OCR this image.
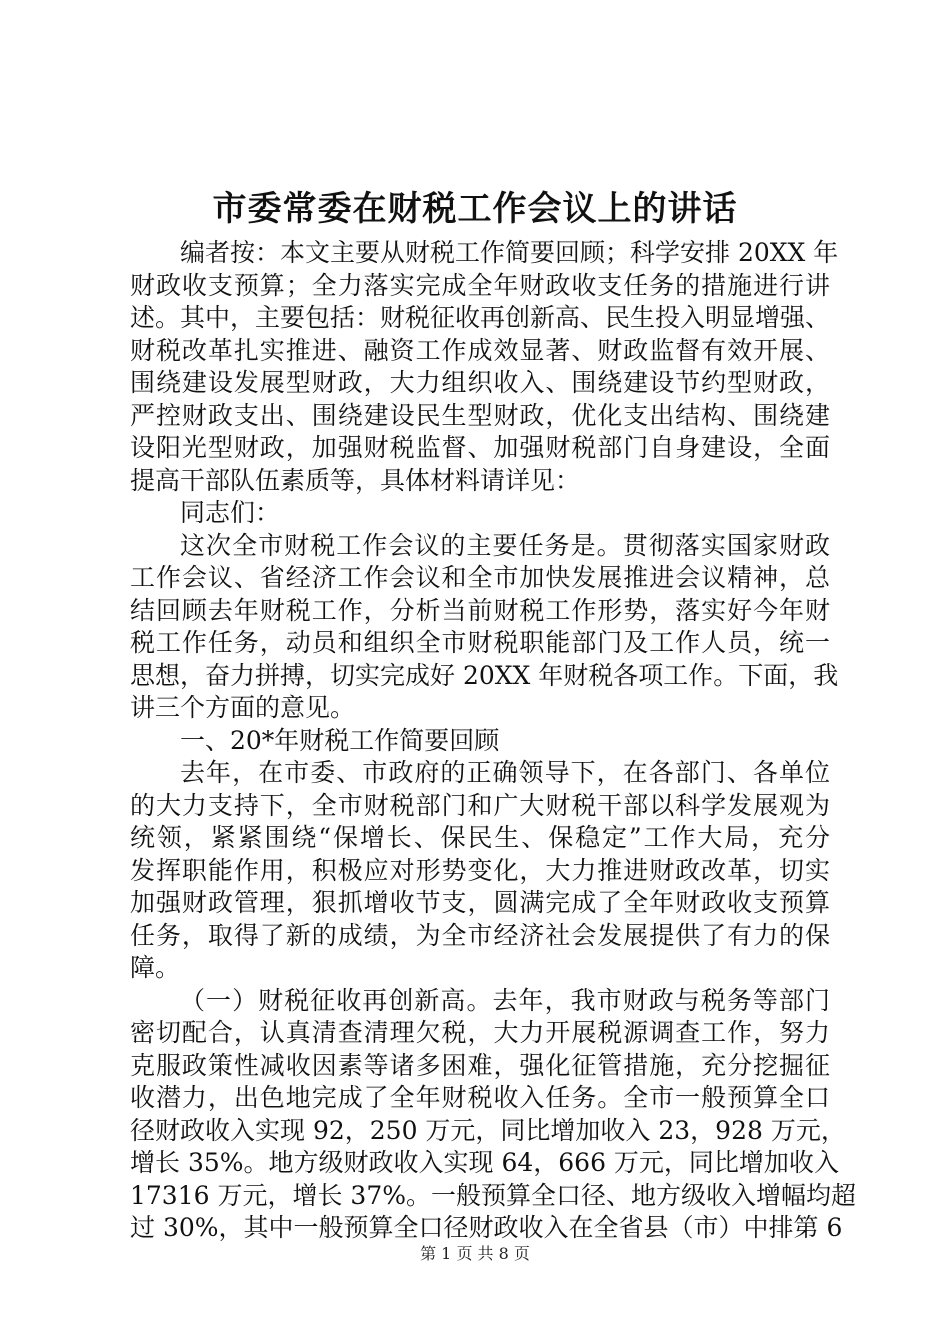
市委常委在财税工作会议上的讲话
编者按：本文主要从财税工作简要回顾；科学安排 20XX 年
财政收支预算；全力落实完成全年财政收支任务的措施进行讲
述。其中，主要包括：财税征收再创新高、民生投入明显增强、
财税改革扎实推进、融资工作成效显著、财政监督有效开展、
围绕建设发展型财政，大力组织收入、围绕建设节约型财政，
严控财政支出、围绕建设民生型财政，优化支出结构、围绕建
设阳光型财政，加强财税监督、加强财税部门自身建设，全面
提高干部队伍素质等，具体材料请详见：
同志们：
这次全市财税工作会议的主要任务是。贯彻落实国家财政
工作会议、省经济工作会议和全市加快发展推进会议精神，总
结回顾去年财税工作，分析当前财税工作形势，落实好今年财
税工作任务，动员和组织全市财税职能部门及工作人员，统一
思想，奋力拼搏，切实完成好 20XX 年财税各项工作。下面，我
讲三个方面的意见。
一、20*年财税工作简要回顾
去年，在市委、市政府的正确领导下，在各部门、各单位
的大力支持下，全市财税部门和广大财税干部以科学发展观为
统领，紧紧围绕“保增长、保民生、保稳定”工作大局，充分
发挥职能作用，积极应对形势变化，大力推进财政改革，切实
加强财政管理，狠抓增收节支，圆满完成了全年财政收支预算
任务，取得了新的成绩，为全市经济社会发展提供了有力的保
障。
（一）财税征收再创新高。去年，我市财政与税务等部门
密切配合，认真清查清理欠税，大力开展税源调查工作，努力
克服政策性减收因素等诸多困难，强化征管措施，充分挖掘征
收潜力，出色地完成了全年财税收入任务。全市一般预算全口
径财政收入实现 92，250 万元，同比增加收入 23，928 万元，
增长 35%。地方级财政收入实现 64，666 万元，同比增加收入
17316 万元，增长 37%。一般预算全口径、地方级收入增幅均超
过 30%，其中一般预算全口径财政收入在全省县（市）中排第 6
第 1 页 共 8 页
